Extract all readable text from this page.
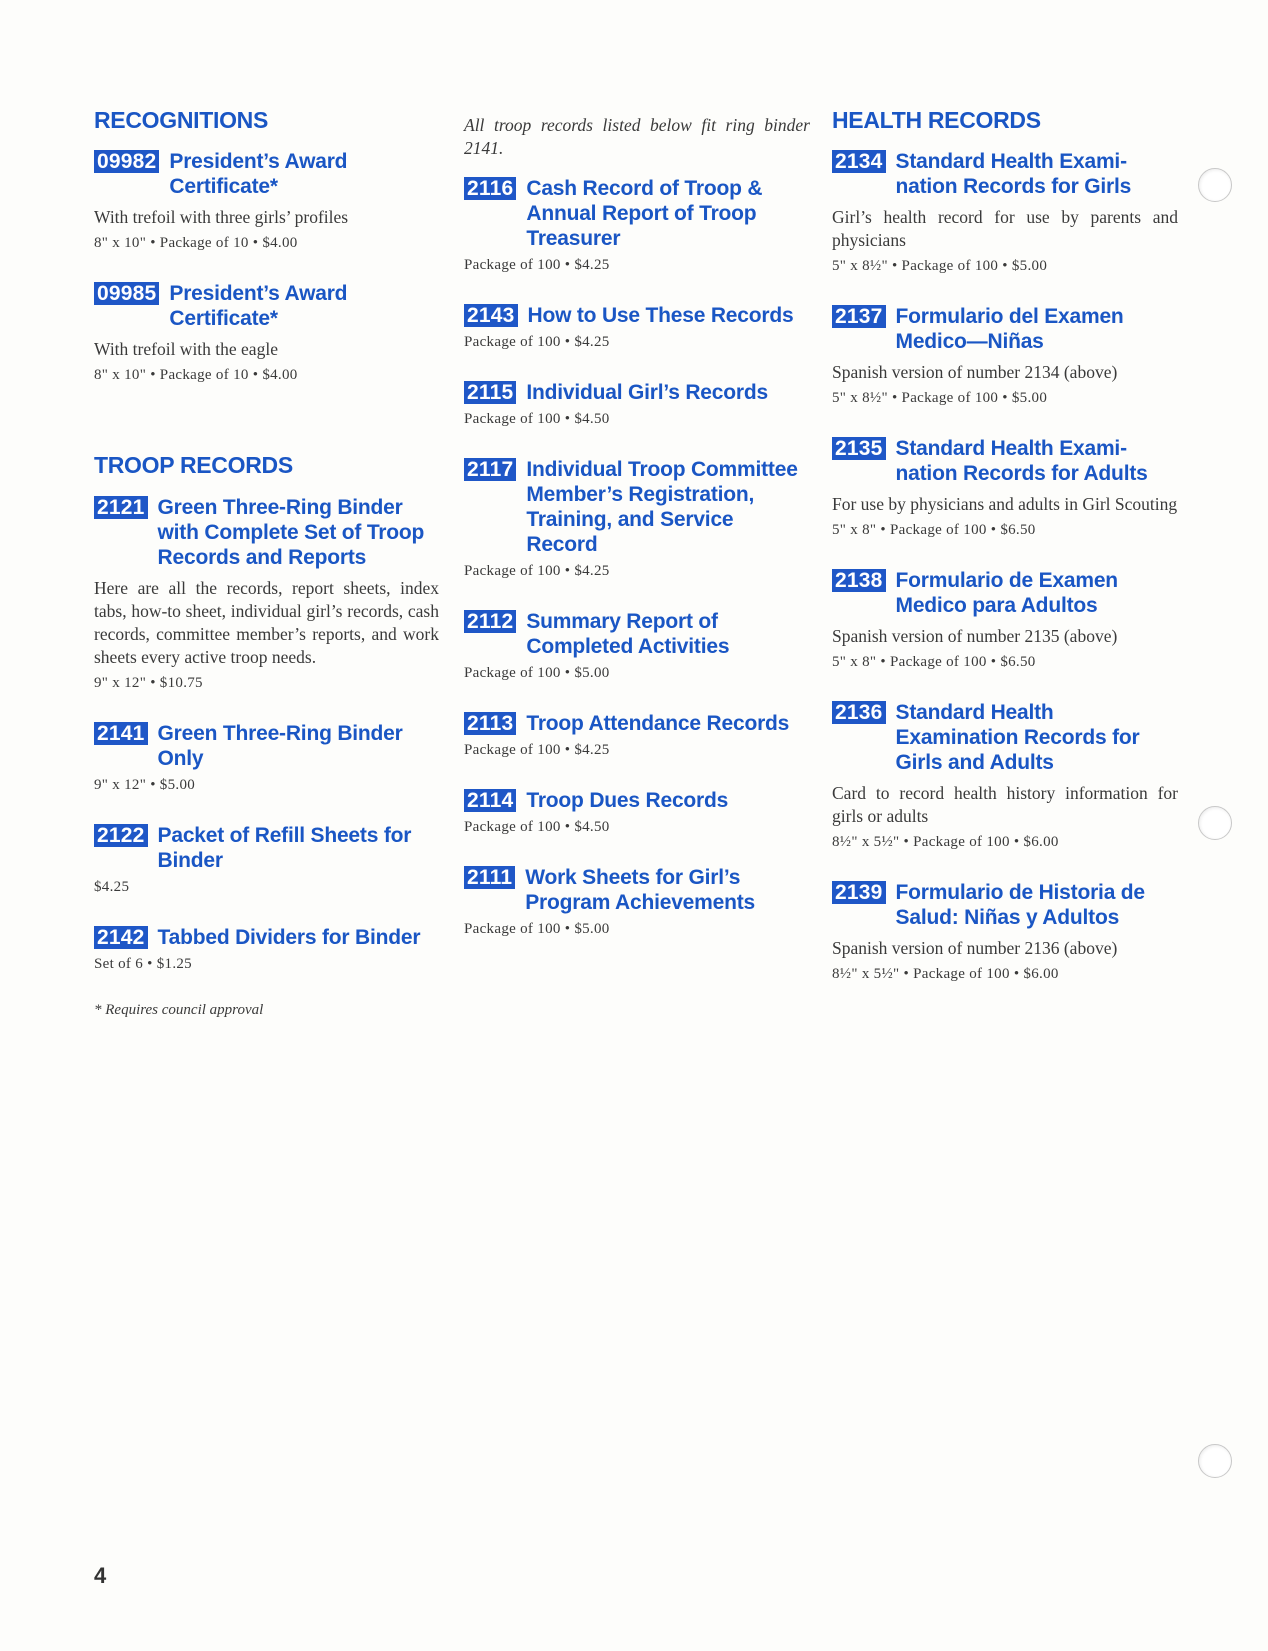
RECOGNITIONS
09982 President’s Award Certificate*
With trefoil with three girls’ profiles
8" x 10" • Package of 10 • $4.00
09985 President’s Award Certificate*
With trefoil with the eagle
8" x 10" • Package of 10 • $4.00
TROOP RECORDS
2121 Green Three-Ring Binder with Complete Set of Troop Records and Reports
Here are all the records, report sheets, index tabs, how-to sheet, individual girl’s records, cash records, committee member’s reports, and work sheets every active troop needs.
9" x 12" • $10.75
2141 Green Three-Ring Binder Only
9" x 12" • $5.00
2122 Packet of Refill Sheets for Binder
$4.25
2142 Tabbed Dividers for Binder
Set of 6 • $1.25
* Requires council approval
All troop records listed below fit ring binder 2141.
2116 Cash Record of Troop & Annual Report of Troop Treasurer
Package of 100 • $4.25
2143 How to Use These Records
Package of 100 • $4.25
2115 Individual Girl’s Records
Package of 100 • $4.50
2117 Individual Troop Committee Member’s Registration, Training, and Service Record
Package of 100 • $4.25
2112 Summary Report of Completed Activities
Package of 100 • $5.00
2113 Troop Attendance Records
Package of 100 • $4.25
2114 Troop Dues Records
Package of 100 • $4.50
2111 Work Sheets for Girl’s Program Achievements
Package of 100 • $5.00
HEALTH RECORDS
2134 Standard Health Exami-nation Records for Girls
Girl’s health record for use by parents and physicians
5" x 8½" • Package of 100 • $5.00
2137 Formulario del Examen Medico—Niñas
Spanish version of number 2134 (above)
5" x 8½" • Package of 100 • $5.00
2135 Standard Health Exami-nation Records for Adults
For use by physicians and adults in Girl Scouting
5" x 8" • Package of 100 • $6.50
2138 Formulario de Examen Medico para Adultos
Spanish version of number 2135 (above)
5" x 8" • Package of 100 • $6.50
2136 Standard Health Examination Records for Girls and Adults
Card to record health history information for girls or adults
8½" x 5½" • Package of 100 • $6.00
2139 Formulario de Historia de Salud: Niñas y Adultos
Spanish version of number 2136 (above)
8½" x 5½" • Package of 100 • $6.00
4
